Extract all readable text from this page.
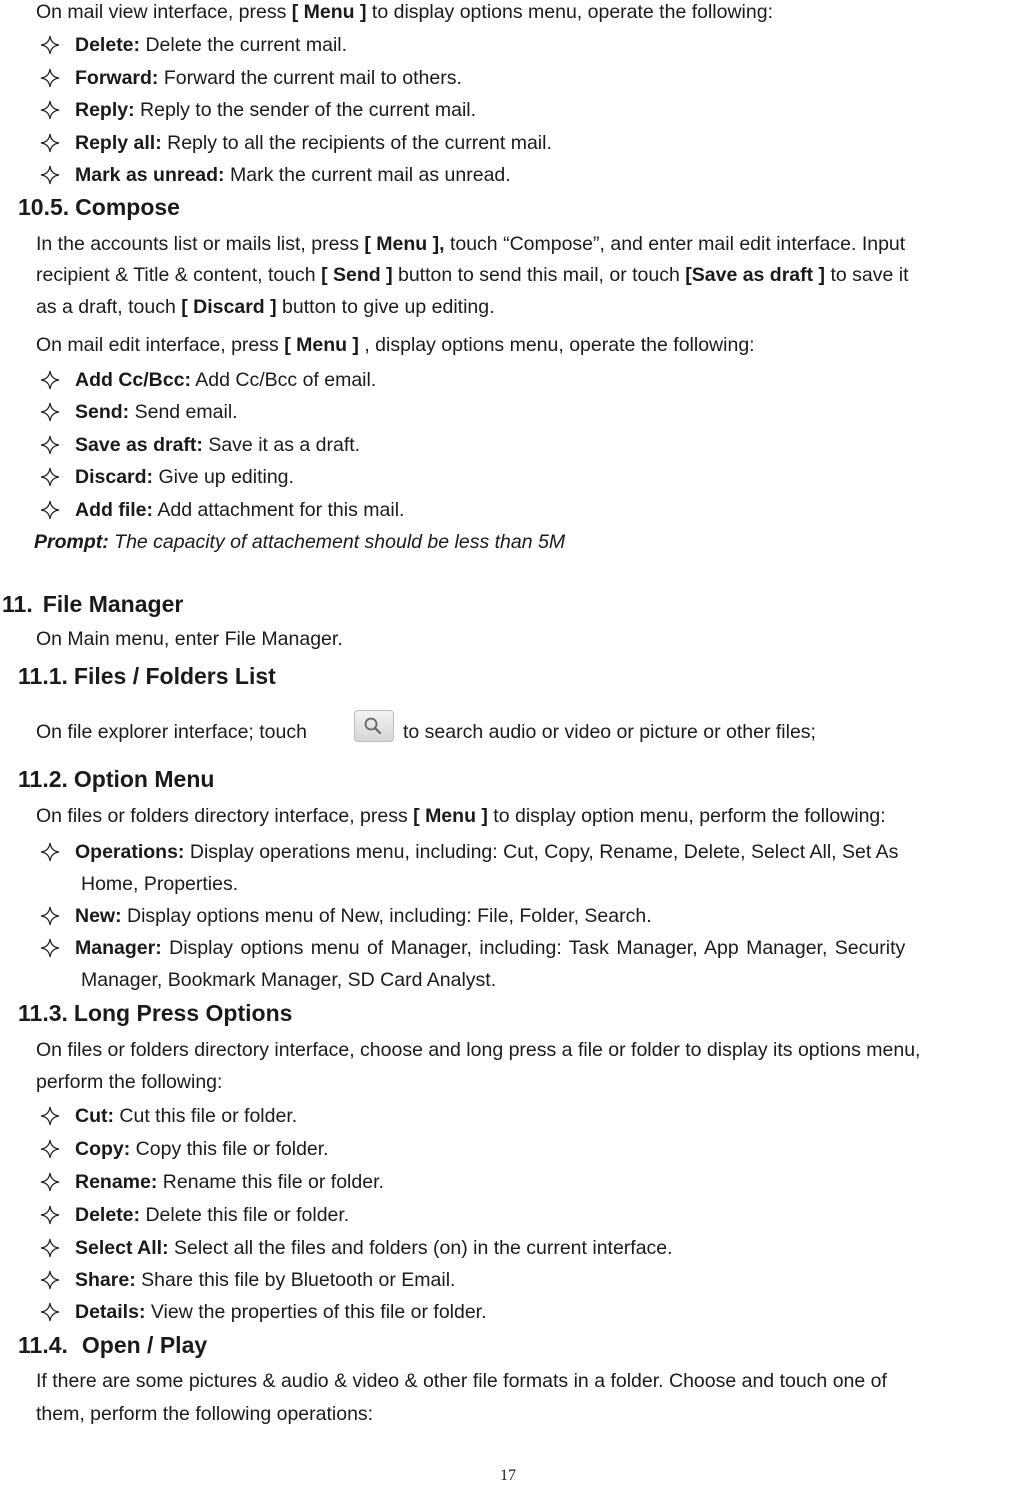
On mail view interface, press [ Menu ] to display options menu, operate the following:
Delete: Delete the current mail.
Forward: Forward the current mail to others.
Reply: Reply to the sender of the current mail.
Reply all: Reply to all the recipients of the current mail.
Mark as unread: Mark the current mail as unread.
10.5. Compose
In the accounts list or mails list, press [ Menu ], touch “Compose”, and enter mail edit interface. Input
recipient & Title & content, touch [ Send ] button to send this mail, or touch [Save as draft ] to save it
as a draft, touch [ Discard ] button to give up editing.
On mail edit interface, press [ Menu ] , display options menu, operate the following:
Add Cc/Bcc: Add Cc/Bcc of email.
Send: Send email.
Save as draft: Save it as a draft.
Discard: Give up editing.
Add file: Add attachment for this mail.
Prompt: The capacity of attachement should be less than 5M
11. File Manager
On Main menu, enter File Manager.
11.1. Files / Folders List
On file explorer interface; touch	to search audio or video or picture or other files;
11.2. Option Menu
On files or folders directory interface, press [ Menu ] to display option menu, perform the following:
Operations: Display operations menu, including: Cut, Copy, Rename, Delete, Select All, Set As
Home, Properties.
New: Display options menu of New, including: File, Folder, Search.
Manager: Display options menu of Manager, including: Task Manager, App Manager, Security
Manager, Bookmark Manager, SD Card Analyst.
11.3. Long Press Options
On files or folders directory interface, choose and long press a file or folder to display its options menu,
perform the following:
Cut: Cut this file or folder.
Copy: Copy this file or folder.
Rename: Rename this file or folder.
Delete: Delete this file or folder.
Select All: Select all the files and folders (on) in the current interface.
Share: Share this file by Bluetooth or Email.
Details: View the properties of this file or folder.
11.4. Open / Play
If there are some pictures & audio & video & other file formats in a folder. Choose and touch one of
them, perform the following operations:
17
